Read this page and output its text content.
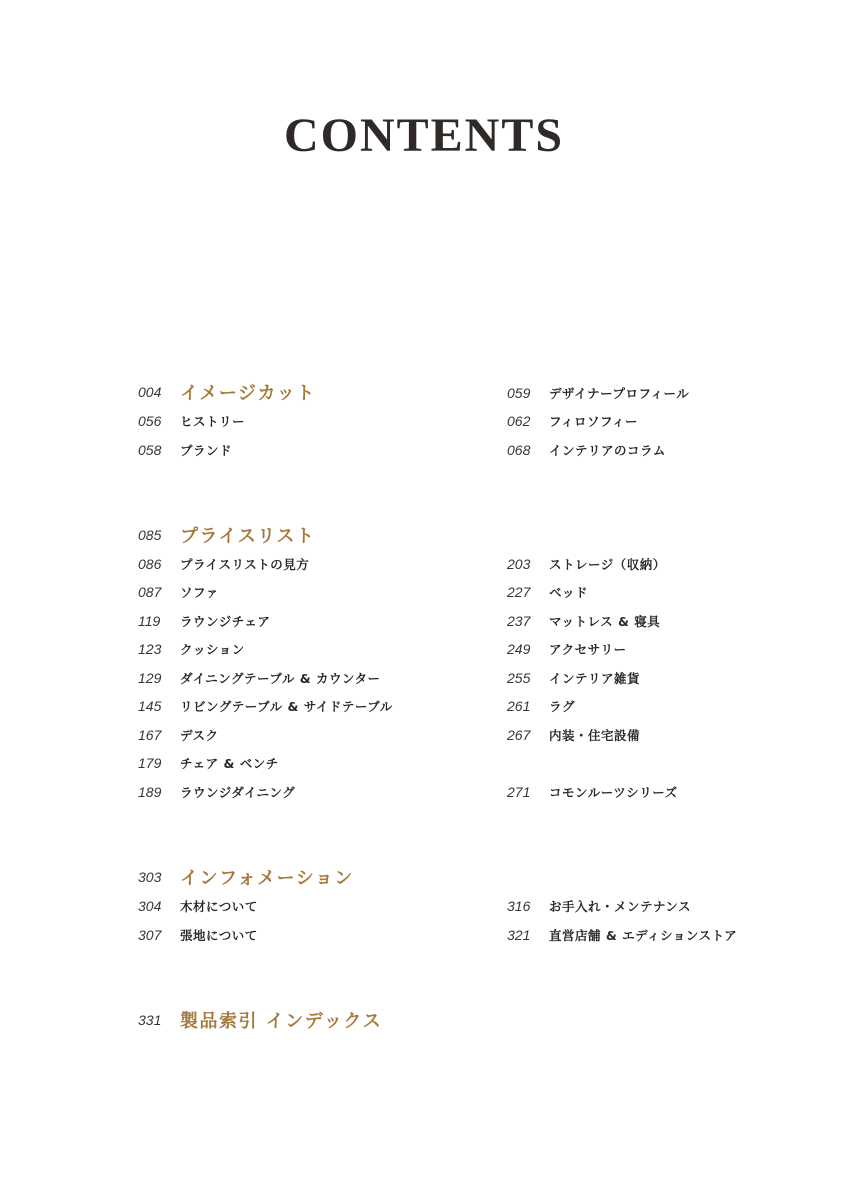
CONTENTS
004	イメージカット
056	ヒストリー
058	ブランド
085	プライスリスト
086	プライスリストの見方
087	ソファ
119	ラウンジチェア
123	クッション
129	ダイニングテーブル & カウンター
145	リビングテーブル & サイドテーブル
167	デスク
179	チェア & ベンチ
189	ラウンジダイニング
303	インフォメーション
304	木材について
307	張地について
331	製品索引 インデックス
059	デザイナープロフィール
062	フィロソフィー
068	インテリアのコラム
203	ストレージ（収納）
227	ベッド
237	マットレス & 寝具
249	アクセサリー
255	インテリア雑貨
261	ラグ
267	内装・住宅設備
271	コモンルーツシリーズ
316	お手入れ・メンテナンス
321	直営店舗 & エディションストア
